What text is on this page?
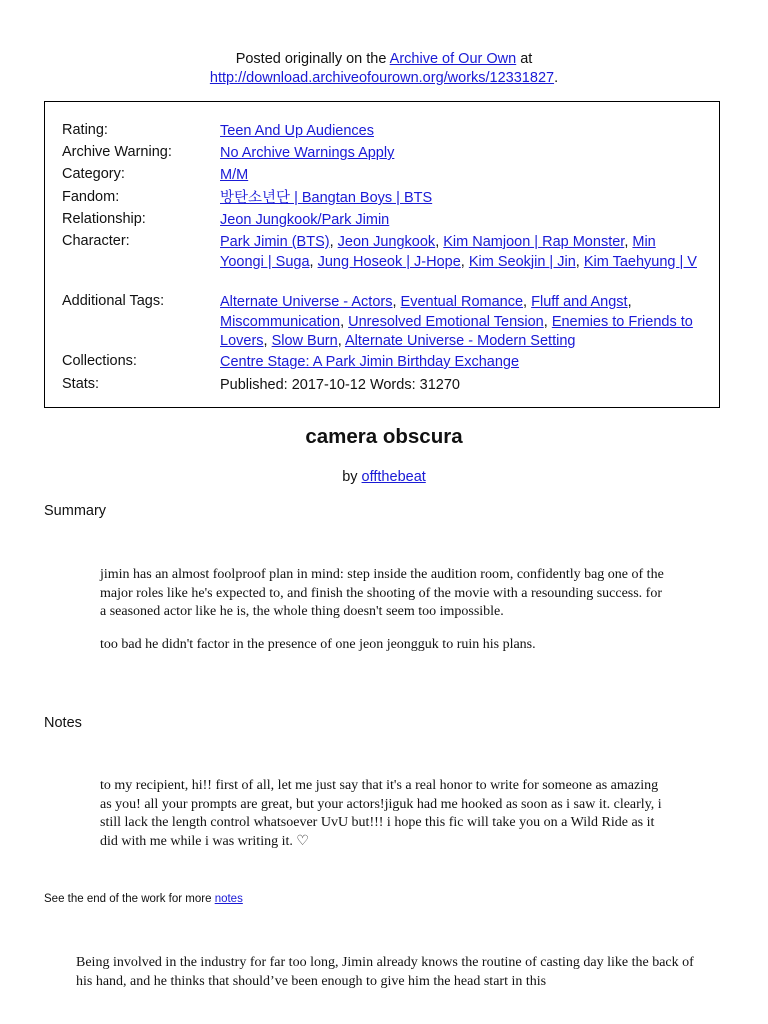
Posted originally on the Archive of Our Own at
http://download.archiveofourown.org/works/12331827.
Rating:	Teen And Up Audiences
Archive Warning:	No Archive Warnings Apply
Category:	M/M
Fandom:	방탄소년단 | Bangtan Boys | BTS
Relationship:	Jeon Jungkook/Park Jimin
Character:	Park Jimin (BTS), Jeon Jungkook, Kim Namjoon | Rap Monster, Min Yoongi | Suga, Jung Hoseok | J-Hope, Kim Seokjin | Jin, Kim Taehyung | V
Additional Tags:	Alternate Universe - Actors, Eventual Romance, Fluff and Angst, Miscommunication, Unresolved Emotional Tension, Enemies to Friends to Lovers, Slow Burn, Alternate Universe - Modern Setting
Collections:	Centre Stage: A Park Jimin Birthday Exchange
Stats:	Published: 2017-10-12 Words: 31270
camera obscura
by offthebeat
Summary

jimin has an almost foolproof plan in mind: step inside the audition room, confidently bag one of the major roles like he's expected to, and finish the shooting of the movie with a resounding success. for a seasoned actor like he is, the whole thing doesn't seem too impossible.

too bad he didn't factor in the presence of one jeon jeongguk to ruin his plans.

Notes

to my recipient, hi!! first of all, let me just say that it's a real honor to write for someone as amazing as you! all your prompts are great, but your actors!jiguk had me hooked as soon as i saw it. clearly, i still lack the length control whatsoever UvU but!!! i hope this fic will take you on a Wild Ride as it did with me while i was writing it. ♡

See the end of the work for more notes

Being involved in the industry for far too long, Jimin already knows the routine of casting day like the back of his hand, and he thinks that should’ve been enough to give him the head start in this
